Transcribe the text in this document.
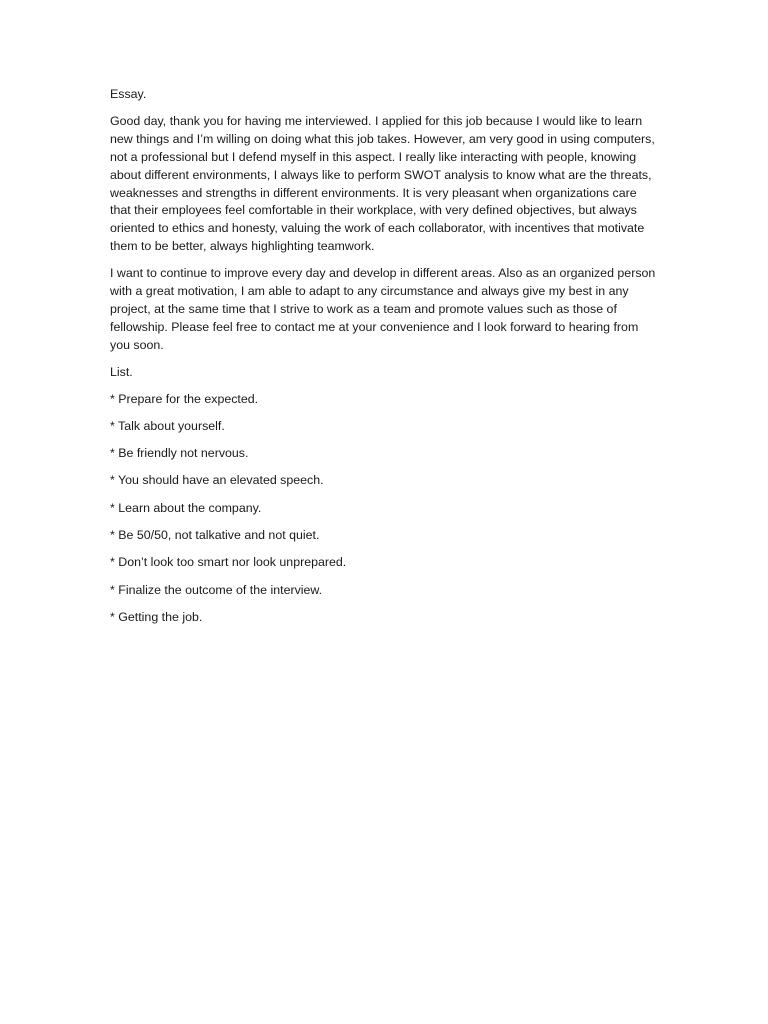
Essay.
Good day, thank you for having me interviewed. I applied for this job because I would like to learn new things and I’m willing on doing what this job takes. However, am very good in using computers, not a professional but I defend myself in this aspect. I really like interacting with people, knowing about different environments, I always like to perform SWOT analysis to know what are the threats, weaknesses and strengths in different environments. It is very pleasant when organizations care that their employees feel comfortable in their workplace, with very defined objectives, but always oriented to ethics and honesty, valuing the work of each collaborator, with incentives that motivate them to be better, always highlighting teamwork.
I want to continue to improve every day and develop in different areas. Also as an organized person with a great motivation, I am able to adapt to any circumstance and always give my best in any project, at the same time that I strive to work as a team and promote values such as those of fellowship. Please feel free to contact me at your convenience and I look forward to hearing from you soon.
List.
* Prepare for the expected.
* Talk about yourself.
* Be friendly not nervous.
* You should have an elevated speech.
* Learn about the company.
* Be 50/50, not talkative and not quiet.
* Don’t look too smart nor look unprepared.
* Finalize the outcome of the interview.
* Getting the job.
